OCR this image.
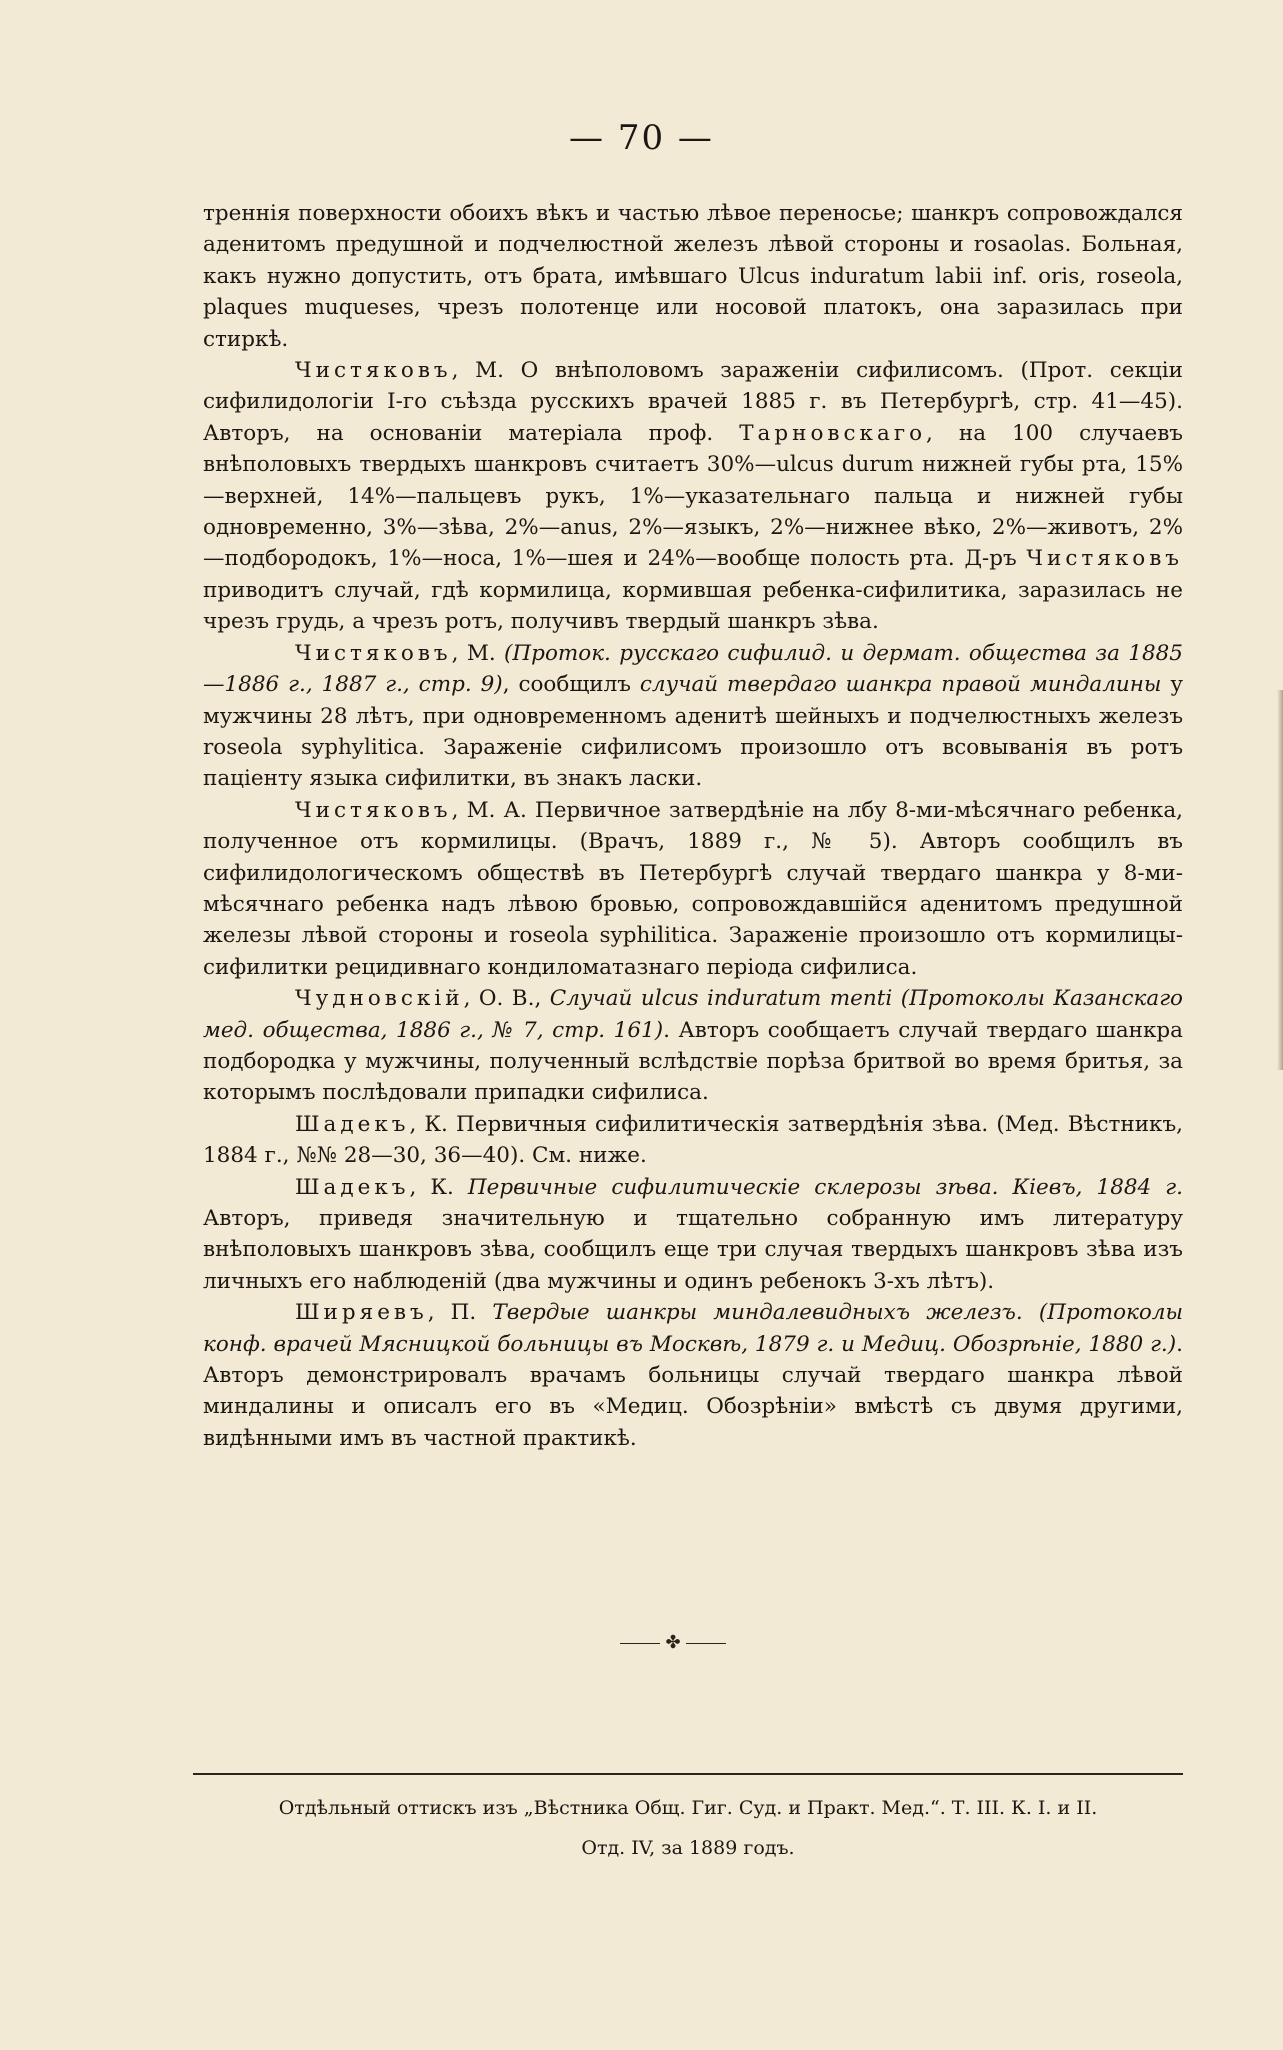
— 70 —

треннія поверхности обоихъ вѣкъ и частью лѣвое переносье; шанкръ сопровождался аденитомъ предушной и подчелюстной железъ лѣвой стороны и rosaolas. Больная, какъ нужно допустить, отъ брата, имѣвшаго Ulcus induratum labii inf. oris, roseola, plaques muqueses, чрезъ полотенце или носовой платокъ, она заразилась при стиркѣ.

Чистяковъ, М. О внѣполовомъ зараженіи сифилисомъ. (Прот. секціи сифилидологіи І-го съѣзда русскихъ врачей 1885 г. въ Петербургѣ, стр. 41—45). Авторъ, на основаніи матеріала проф. Тарновскаго, на 100 случаевъ внѣполовыхъ твердыхъ шанкровъ считаетъ 30%—ulcus durum нижней губы рта, 15%—верхней, 14%—пальцевъ рукъ, 1%—указательнаго пальца и нижней губы одновременно, 3%—зѣва, 2%—anus, 2%—языкъ, 2%—нижнее вѣко, 2%—животъ, 2%—подбородокъ, 1%—носа, 1%—шея и 24%—вообще полость рта. Д-ръ Чистяковъ приводитъ случай, гдѣ кормилица, кормившая ребенка-сифилитика, заразилась не чрезъ грудь, а чрезъ ротъ, получивъ твердый шанкръ зѣва.

Чистяковъ, М. (Проток. русскаго сифилид. и дермат. общества за 1885—1886 г., 1887 г., стр. 9), сообщилъ случай твердаго шанкра правой миндалины у мужчины 28 лѣтъ, при одновременномъ аденитѣ шейныхъ и подчелюстныхъ железъ roseola syphylitica. Зараженіе сифилисомъ произошло отъ всовыванія въ ротъ паціенту языка сифилитки, въ знакъ ласки.

Чистяковъ, М. А. Первичное затвердѣніе на лбу 8-ми-мѣсячнаго ребенка, полученное отъ кормилицы. (Врачъ, 1889 г., № 5). Авторъ сообщилъ въ сифилидологическомъ обществѣ въ Петербургѣ случай твердаго шанкра у 8-ми-мѣсячнаго ребенка надъ лѣвою бровью, сопровождавшійся аденитомъ предушной железы лѣвой стороны и roseola syphilitica. Зараженіе произошло отъ кормилицы-сифилитки рецидивнаго кондиломатазнаго періода сифилиса.

Чудновскій, О. В., Случай ulcus induratum menti (Протоколы Казанскаго мед. общества, 1886 г., № 7, стр. 161). Авторъ сообщаетъ случай твердаго шанкра подбородка у мужчины, полученный вслѣдствіе порѣза бритвой во время бритья, за которымъ послѣдовали припадки сифилиса.

Шадекъ, К. Первичныя сифилитическія затвердѣнія зѣва. (Мед. Вѣстникъ, 1884 г., №№ 28—30, 36—40). См. ниже.

Шадекъ, К. Первичные сифилитическіе склерозы зѣва. Кіевъ, 1884 г. Авторъ, приведя значительную и тщательно собранную имъ литературу внѣполовыхъ шанкровъ зѣва, сообщилъ еще три случая твердыхъ шанкровъ зѣва изъ личныхъ его наблюденій (два мужчины и одинъ ребенокъ 3-хъ лѣтъ).

Ширяевъ, П. Твердые шанкры миндалевидныхъ железъ. (Протоколы конф. врачей Мясницкой больницы въ Москвѣ, 1879 г. и Медиц. Обозрѣніе, 1880 г.). Авторъ демонстрировалъ врачамъ больницы случай твердаго шанкра лѣвой миндалины и описалъ его въ «Медиц. Обозрѣніи» вмѣстѣ съ двумя другими, видѣнными имъ въ частной практикѣ.

✤
Отдѣльный оттискъ изъ „Вѣстника Общ. Гиг. Суд. и Практ. Мед.“. Т. III. К. I. и II.
Отд. IV, за 1889 годъ.
